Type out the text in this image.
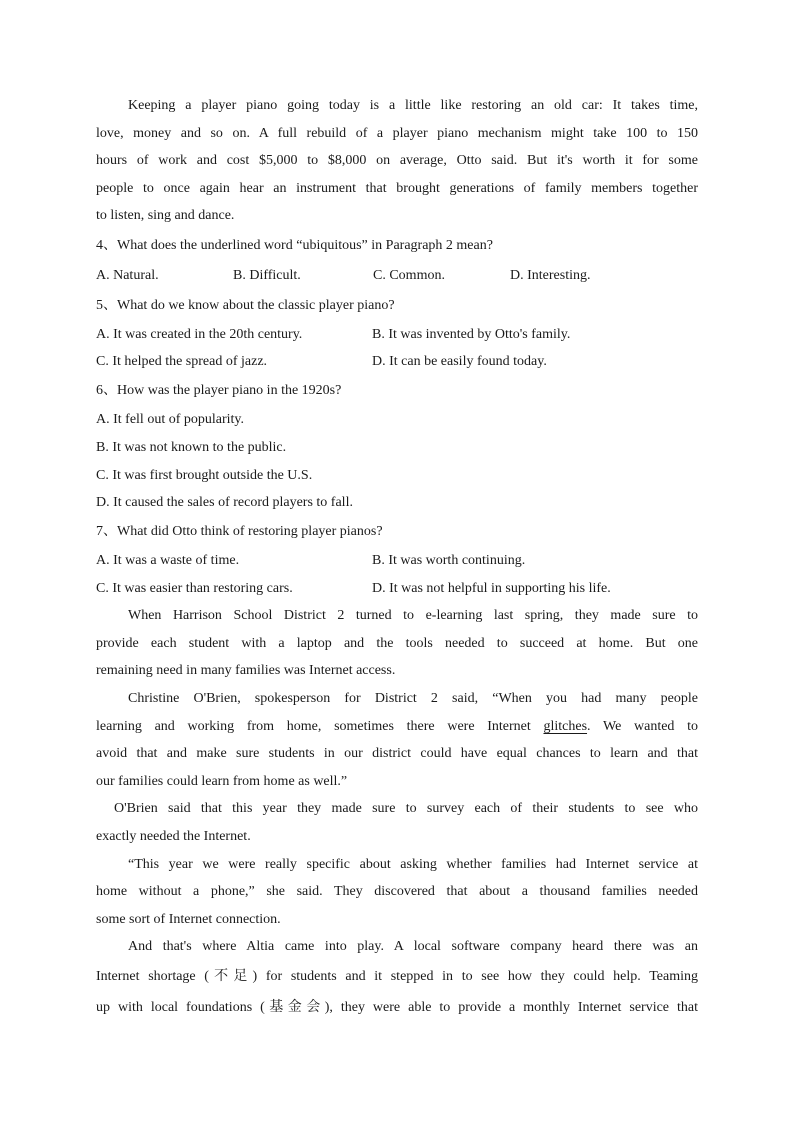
Keeping a player piano going today is a little like restoring an old car: It takes time,
love, money and so on. A full rebuild of a player piano mechanism might take 100 to 150
hours of work and cost $5,000 to $8,000 on average, Otto said. But it's worth it for some
people to once again hear an instrument that brought generations of family members together
to listen, sing and dance.

4、What does the underlined word “ubiquitous” in Paragraph 2 mean?

A. Natural.	B. Difficult.	C. Common.	D. Interesting.

5、What do we know about the classic player piano?

A. It was created in the 20th century.	B. It was invented by Otto's family.
C. It helped the spread of jazz.	D. It can be easily found today.

6、How was the player piano in the 1920s?

A. It fell out of popularity.
B. It was not known to the public.
C. It was first brought outside the U.S.
D. It caused the sales of record players to fall.

7、What did Otto think of restoring player pianos?

A. It was a waste of time.	B. It was worth continuing.
C. It was easier than restoring cars.	D. It was not helpful in supporting his life.

When Harrison School District 2 turned to e-learning last spring, they made sure to
provide each student with a laptop and the tools needed to succeed at home. But one
remaining need in many families was Internet access.

Christine O'Brien, spokesperson for District 2 said, “When you had many people
learning and working from home, sometimes there were Internet glitches. We wanted to
avoid that and make sure students in our district could have equal chances to learn and that
our families could learn from home as well.”

O'Brien said that this year they made sure to survey each of their students to see who
exactly needed the Internet.

“This year we were really specific about asking whether families had Internet service at
home without a phone,” she said. They discovered that about a thousand families needed
some sort of Internet connection.

And that's where Altia came into play. A local software company heard there was an
Internet shortage (不足) for students and it stepped in to see how they could help. Teaming
up with local foundations (基金会), they were able to provide a monthly Internet service that
